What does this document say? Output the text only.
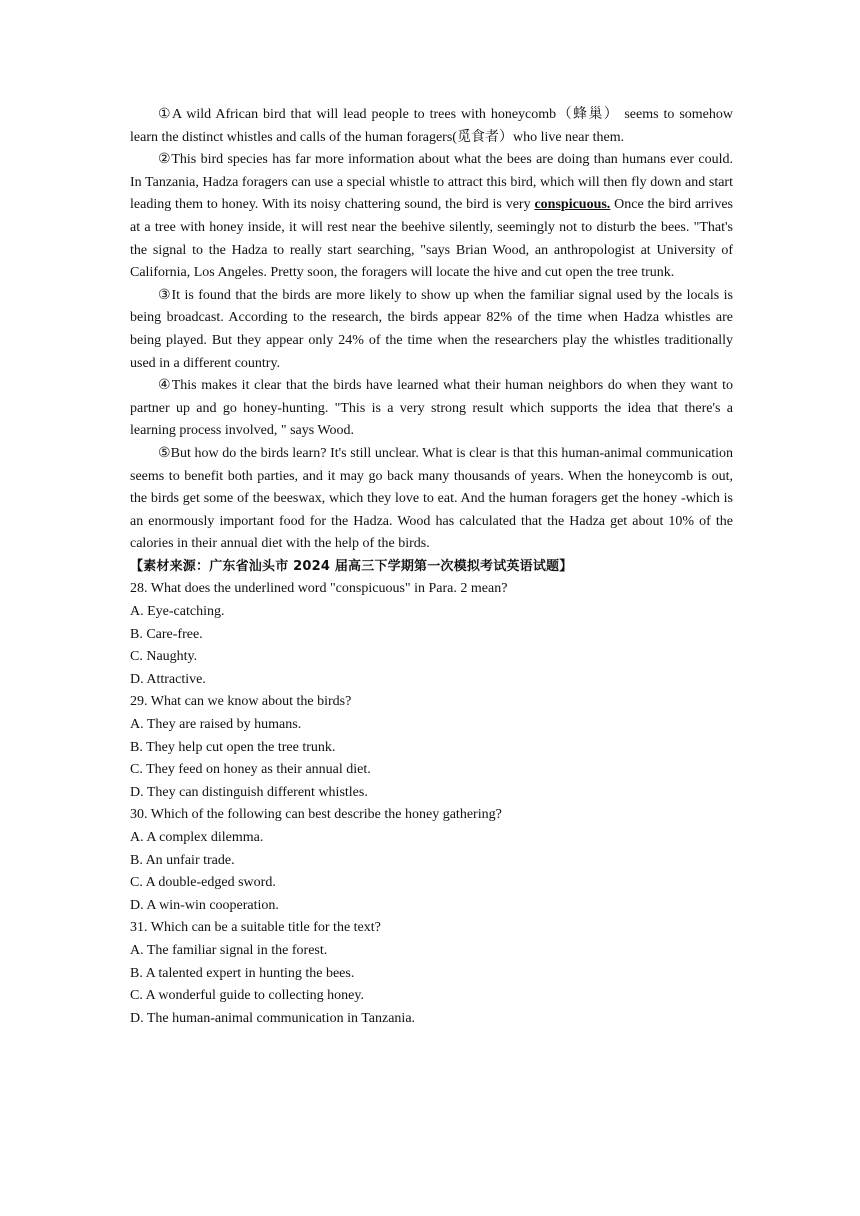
①A wild African bird that will lead people to trees with honeycomb（蜂巢） seems to somehow learn the distinct whistles and calls of the human foragers(觅食者）who live near them.

②This bird species has far more information about what the bees are doing than humans ever could. In Tanzania, Hadza foragers can use a special whistle to attract this bird, which will then fly down and start leading them to honey. With its noisy chattering sound, the bird is very conspicuous. Once the bird arrives at a tree with honey inside, it will rest near the beehive silently, seemingly not to disturb the bees. "That's the signal to the Hadza to really start searching, "says Brian Wood, an anthropologist at University of California, Los Angeles. Pretty soon, the foragers will locate the hive and cut open the tree trunk.

③It is found that the birds are more likely to show up when the familiar signal used by the locals is being broadcast. According to the research, the birds appear 82% of the time when Hadza whistles are being played. But they appear only 24% of the time when the researchers play the whistles traditionally used in a different country.

④This makes it clear that the birds have learned what their human neighbors do when they want to partner up and go honey-hunting. "This is a very strong result which supports the idea that there's a learning process involved, " says Wood.

⑤But how do the birds learn? It's still unclear. What is clear is that this human-animal communication seems to benefit both parties, and it may go back many thousands of years. When the honeycomb is out, the birds get some of the beeswax, which they love to eat. And the human foragers get the honey -which is an enormously important food for the Hadza. Wood has calculated that the Hadza get about 10% of the calories in their annual diet with the help of the birds.

【素材来源：广东省汕头市 2024 届高三下学期第一次模拟考试英语试题】

28. What does the underlined word "conspicuous" in Para. 2 mean?

A. Eye-catching.

B. Care-free.

C. Naughty.

D. Attractive.

29. What can we know about the birds?

A. They are raised by humans.

B. They help cut open the tree trunk.

C. They feed on honey as their annual diet.

D. They can distinguish different whistles.

30. Which of the following can best describe the honey gathering?

A. A complex dilemma.

B. An unfair trade.

C. A double-edged sword.

D. A win-win cooperation.

31. Which can be a suitable title for the text?

A. The familiar signal in the forest.

B. A talented expert in hunting the bees.

C. A wonderful guide to collecting honey.

D. The human-animal communication in Tanzania.
